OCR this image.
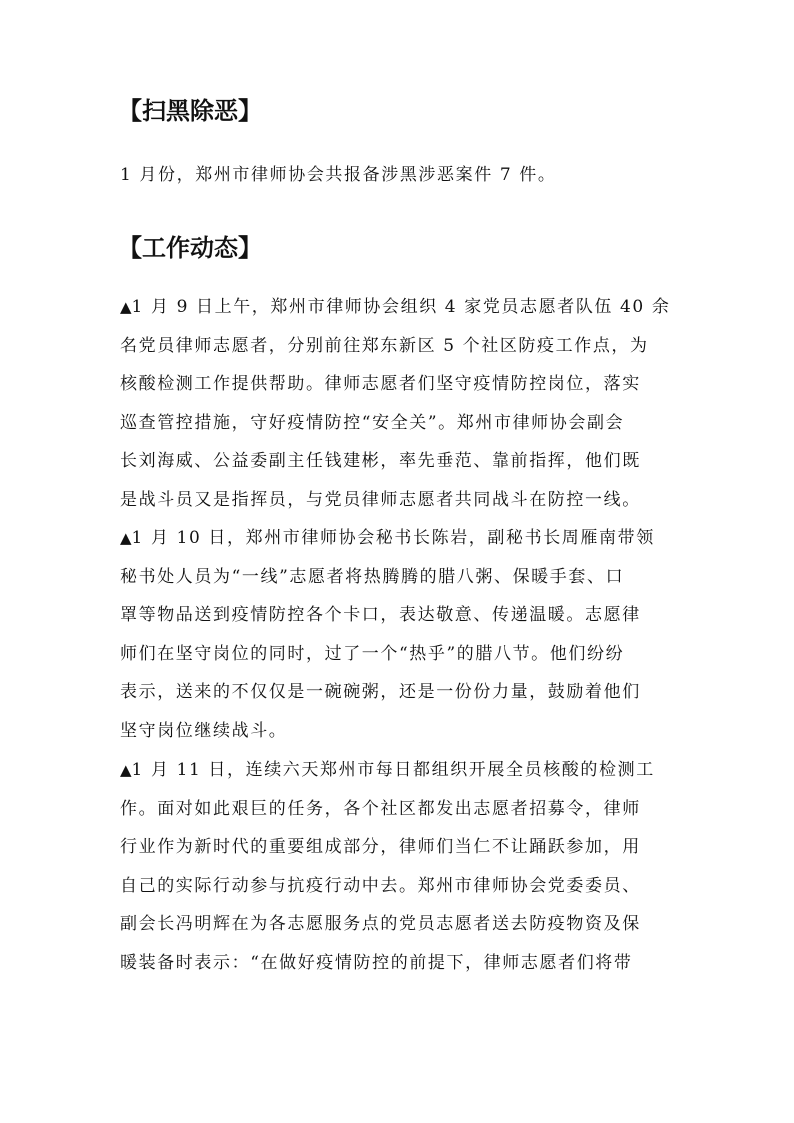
【扫黑除恶】

1 月份，郑州市律师协会共报备涉黑涉恶案件 7 件。

【工作动态】
▲1 月 9 日上午，郑州市律师协会组织 4 家党员志愿者队伍 40 余
名党员律师志愿者，分别前往郑东新区 5 个社区防疫工作点，为
核酸检测工作提供帮助。律师志愿者们坚守疫情防控岗位，落实
巡查管控措施，守好疫情防控“安全关”。郑州市律师协会副会
长刘海威、公益委副主任钱建彬，率先垂范、靠前指挥，他们既
是战斗员又是指挥员，与党员律师志愿者共同战斗在防控一线。
▲1 月 10 日，郑州市律师协会秘书长陈岩，副秘书长周雁南带领
秘书处人员为“一线”志愿者将热腾腾的腊八粥、保暖手套、口
罩等物品送到疫情防控各个卡口，表达敬意、传递温暖。志愿律
师们在坚守岗位的同时，过了一个“热乎”的腊八节。他们纷纷
表示，送来的不仅仅是一碗碗粥，还是一份份力量，鼓励着他们
坚守岗位继续战斗。
▲1 月 11 日，连续六天郑州市每日都组织开展全员核酸的检测工
作。面对如此艰巨的任务，各个社区都发出志愿者招募令，律师
行业作为新时代的重要组成部分，律师们当仁不让踊跃参加，用
自己的实际行动参与抗疫行动中去。郑州市律师协会党委委员、
副会长冯明辉在为各志愿服务点的党员志愿者送去防疫物资及保
暖装备时表示：“在做好疫情防控的前提下，律师志愿者们将带
